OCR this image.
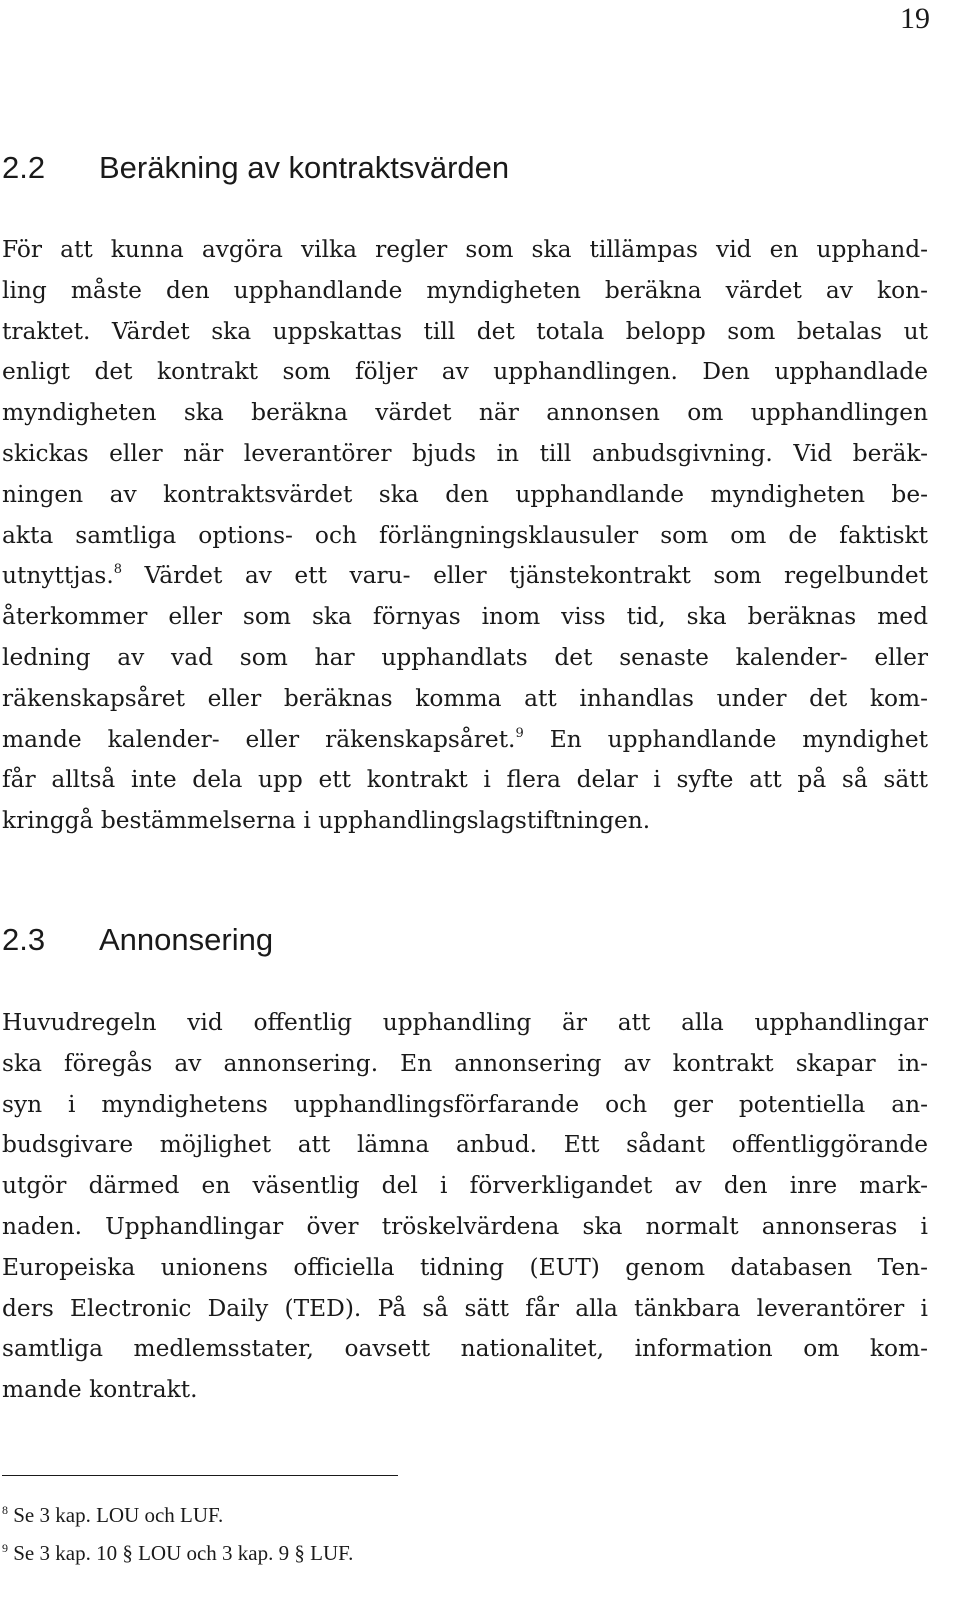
19
2.2 Beräkning av kontraktsvärden
För att kunna avgöra vilka regler som ska tillämpas vid en upphand-
ling måste den upphandlande myndigheten beräkna värdet av kon-
traktet. Värdet ska uppskattas till det totala belopp som betalas ut
enligt det kontrakt som följer av upphandlingen. Den upphandlade
myndigheten ska beräkna värdet när annonsen om upphandlingen
skickas eller när leverantörer bjuds in till anbudsgivning. Vid beräk-
ningen av kontraktsvärdet ska den upphandlande myndigheten be-
akta samtliga options- och förlängningsklausuler som om de faktiskt
utnyttjas.$^8$ Värdet av ett varu- eller tjänstekontrakt som regelbundet
återkommer eller som ska förnyas inom viss tid, ska beräknas med
ledning av vad som har upphandlats det senaste kalender- eller
räkenskapsåret eller beräknas komma att inhandlas under det kom-
mande kalender- eller räkenskapsåret.$^9$ En upphandlande myndighet
får alltså inte dela upp ett kontrakt i flera delar i syfte att på så sätt
kringgå bestämmelserna i upphandlingslagstiftningen.
2.3 Annonsering
Huvudregeln vid offentlig upphandling är att alla upphandlingar
ska föregås av annonsering. En annonsering av kontrakt skapar in-
syn i myndighetens upphandlingsförfarande och ger potentiella an-
budsgivare möjlighet att lämna anbud. Ett sådant offentliggörande
utgör därmed en väsentlig del i förverkligandet av den inre mark-
naden. Upphandlingar över tröskelvärdena ska normalt annonseras i
Europeiska unionens officiella tidning (EUT) genom databasen Ten-
ders Electronic Daily (TED). På så sätt får alla tänkbara leverantörer i
samtliga medlemsstater, oavsett nationalitet, information om kom-
mande kontrakt.
$^8$ Se 3 kap. LOU och LUF.
$^9$ Se 3 kap. 10 § LOU och 3 kap. 9 § LUF.
